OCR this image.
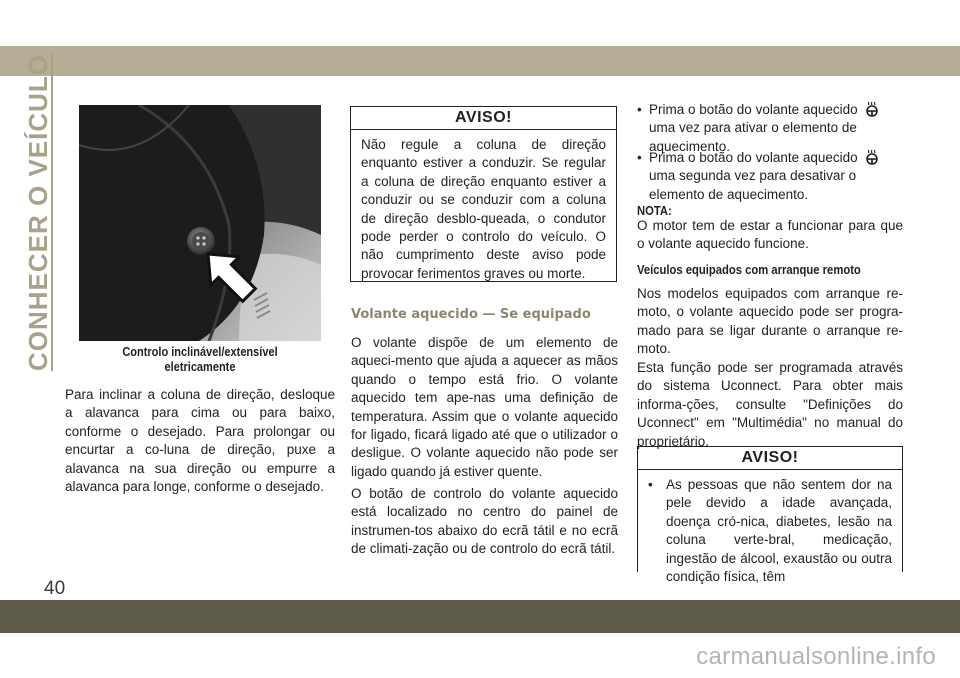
CONHECER O VEÍCULO
40
Controlo inclinável/extensível eletricamente
Para inclinar a coluna de direção, desloque a alavanca para cima ou para baixo, conforme o desejado. Para prolongar ou encurtar a co-luna de direção, puxe a alavanca na sua direção ou empurre a alavanca para longe, conforme o desejado.
AVISO!
Não regule a coluna de direção enquanto estiver a conduzir. Se regular a coluna de direção enquanto estiver a conduzir ou se conduzir com a coluna de direção desblo-queada, o condutor pode perder o controlo do veículo. O não cumprimento deste aviso pode provocar ferimentos graves ou morte.
Volante aquecido — Se equipado
O volante dispõe de um elemento de aqueci-mento que ajuda a aquecer as mãos quando o tempo está frio. O volante aquecido tem ape-nas uma definição de temperatura. Assim que o volante aquecido for ligado, ficará ligado até que o utilizador o desligue. O volante aquecido não pode ser ligado quando já estiver quente.
O botão de controlo do volante aquecido está localizado no centro do painel de instrumen-tos abaixo do ecrã tátil e no ecrã de climati-zação ou de controlo do ecrã tátil.
• Prima o botão do volante aquecido  uma vez para ativar o elemento de aquecimento.
• Prima o botão do volante aquecido  uma segunda vez para desativar o elemento de aquecimento.
NOTA:
O motor tem de estar a funcionar para que o volante aquecido funcione.
Veículos equipados com arranque remoto
Nos modelos equipados com arranque re-moto, o volante aquecido pode ser progra-mado para se ligar durante o arranque re-moto.
Esta função pode ser programada através do sistema Uconnect. Para obter mais informa-ções, consulte "Definições do Uconnect" em "Multimédia" no manual do proprietário.
AVISO!
• As pessoas que não sentem dor na pele devido a idade avançada, doença cró-nica, diabetes, lesão na coluna verte-bral, medicação, ingestão de álcool, exaustão ou outra condição física, têm
carmanualsonline.info
